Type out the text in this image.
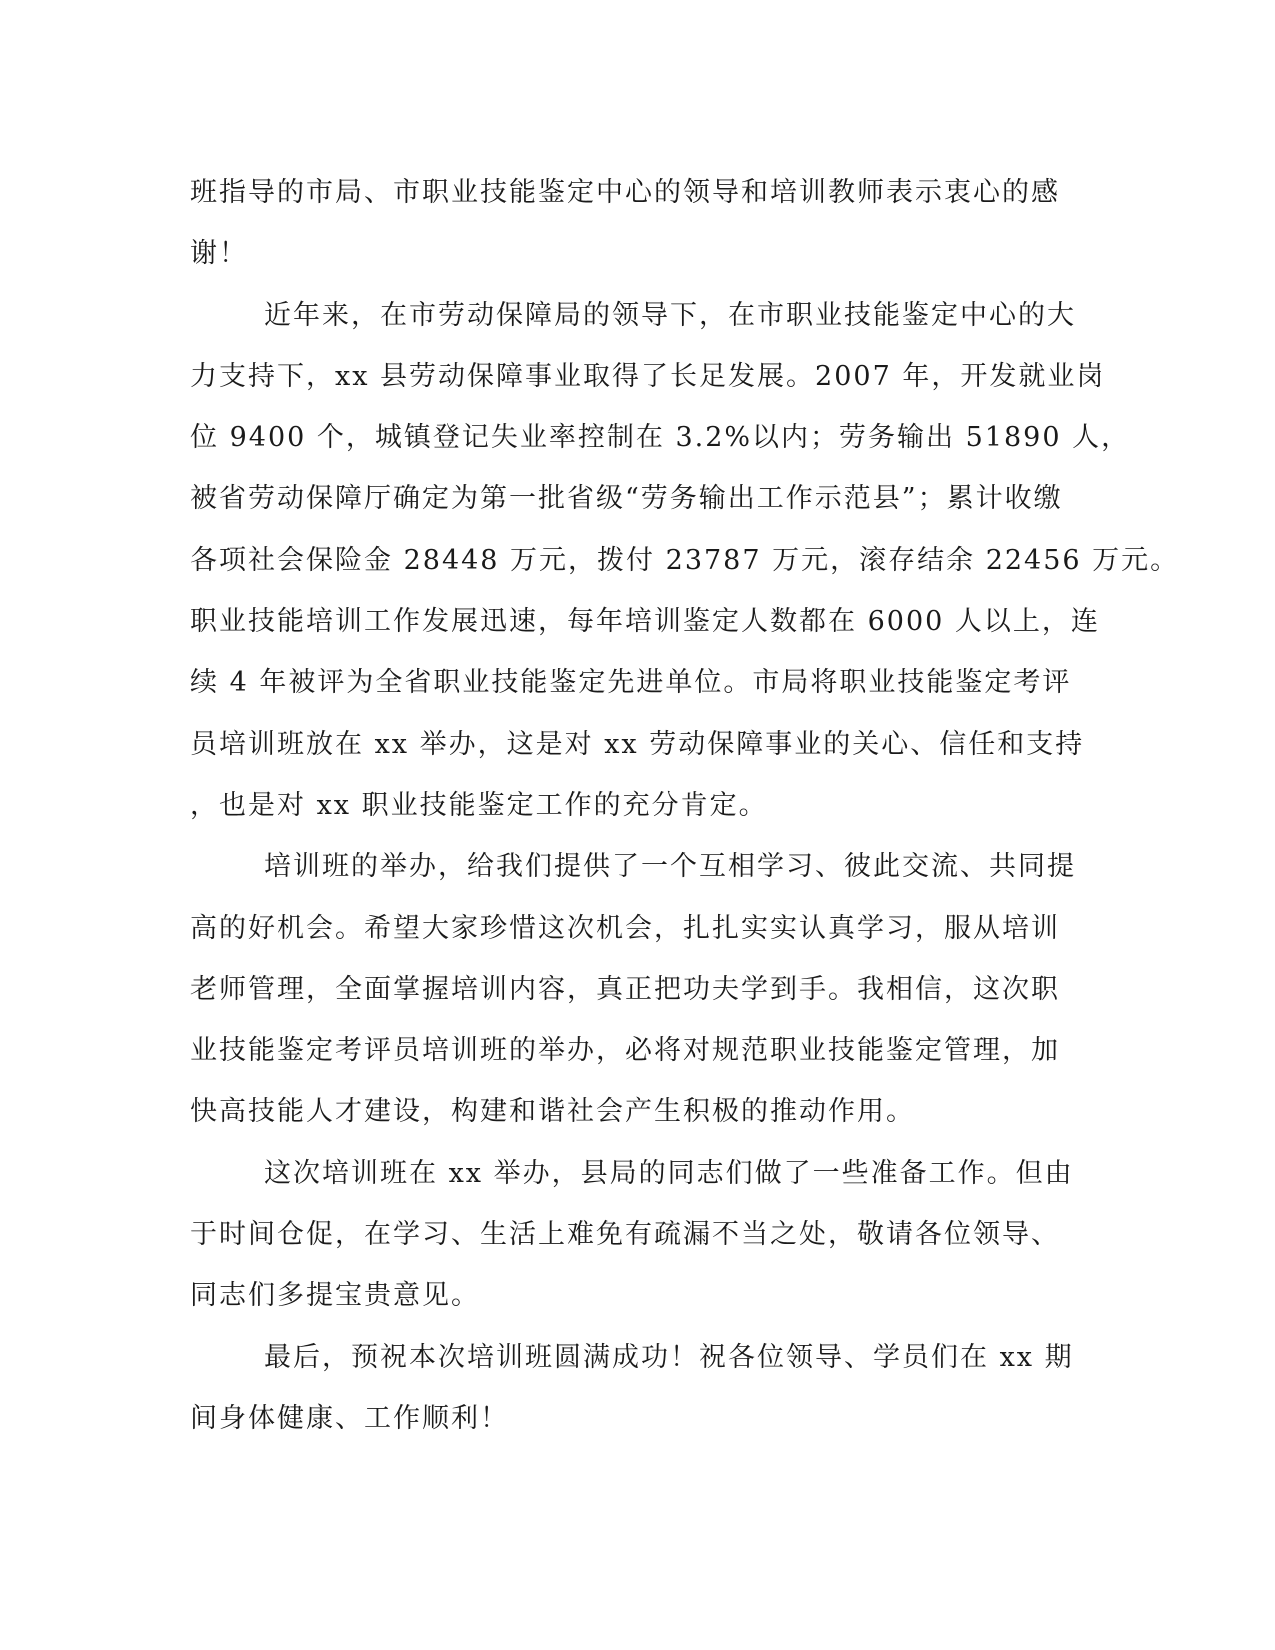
班指导的市局、市职业技能鉴定中心的领导和培训教师表示衷心的感
谢！
近年来，在市劳动保障局的领导下，在市职业技能鉴定中心的大
力支持下，xx 县劳动保障事业取得了长足发展。2007 年，开发就业岗
位 9400 个，城镇登记失业率控制在 3.2%以内；劳务输出 51890 人，
被省劳动保障厅确定为第一批省级“劳务输出工作示范县”；累计收缴
各项社会保险金 28448 万元，拨付 23787 万元，滚存结余 22456 万元。
职业技能培训工作发展迅速，每年培训鉴定人数都在 6000 人以上，连
续 4 年被评为全省职业技能鉴定先进单位。市局将职业技能鉴定考评
员培训班放在 xx 举办，这是对 xx 劳动保障事业的关心、信任和支持
，也是对 xx 职业技能鉴定工作的充分肯定。
培训班的举办，给我们提供了一个互相学习、彼此交流、共同提
高的好机会。希望大家珍惜这次机会，扎扎实实认真学习，服从培训
老师管理，全面掌握培训内容，真正把功夫学到手。我相信，这次职
业技能鉴定考评员培训班的举办，必将对规范职业技能鉴定管理，加
快高技能人才建设，构建和谐社会产生积极的推动作用。
这次培训班在 xx 举办，县局的同志们做了一些准备工作。但由
于时间仓促，在学习、生活上难免有疏漏不当之处，敬请各位领导、
同志们多提宝贵意见。
最后，预祝本次培训班圆满成功！祝各位领导、学员们在 xx 期
间身体健康、工作顺利！
